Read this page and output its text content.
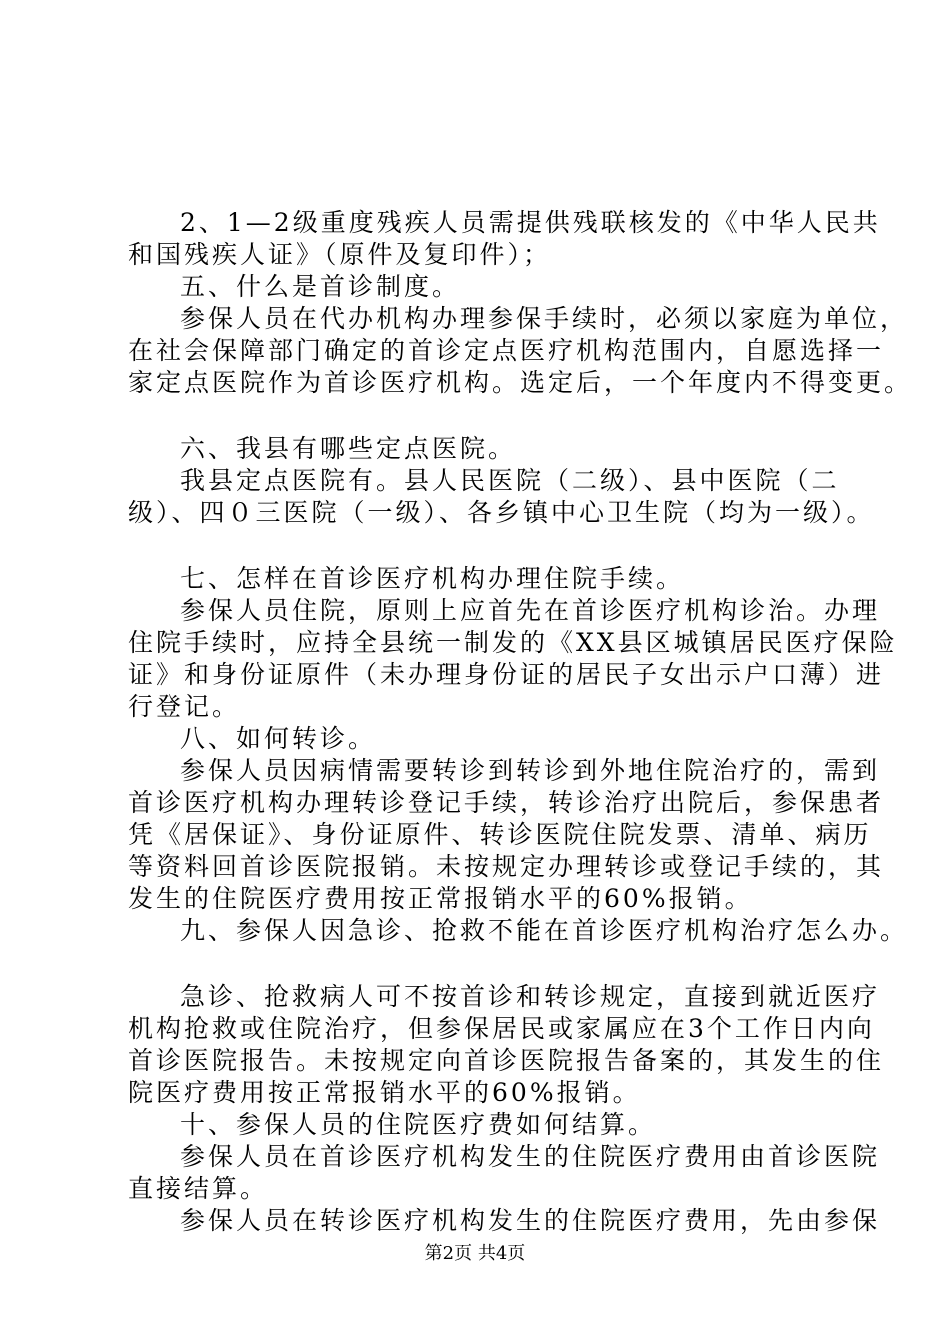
2、1—2级重度残疾人员需提供残联核发的《中华人民共
和国残疾人证》（原件及复印件）；
五、什么是首诊制度。
参保人员在代办机构办理参保手续时，必须以家庭为单位，
在社会保障部门确定的首诊定点医疗机构范围内，自愿选择一
家定点医院作为首诊医疗机构。选定后，一个年度内不得变更。
六、我县有哪些定点医院。
我县定点医院有。县人民医院（二级）、县中医院（二
级）、四０三医院（一级）、各乡镇中心卫生院（均为一级）。
七、怎样在首诊医疗机构办理住院手续。
参保人员住院，原则上应首先在首诊医疗机构诊治。办理
住院手续时，应持全县统一制发的《XX县区城镇居民医疗保险
证》和身份证原件（未办理身份证的居民子女出示户口薄）进
行登记。
八、如何转诊。
参保人员因病情需要转诊到转诊到外地住院治疗的，需到
首诊医疗机构办理转诊登记手续，转诊治疗出院后，参保患者
凭《居保证》、身份证原件、转诊医院住院发票、清单、病历
等资料回首诊医院报销。未按规定办理转诊或登记手续的，其
发生的住院医疗费用按正常报销水平的60%报销。
九、参保人因急诊、抢救不能在首诊医疗机构治疗怎么办。
急诊、抢救病人可不按首诊和转诊规定，直接到就近医疗
机构抢救或住院治疗，但参保居民或家属应在3个工作日内向
首诊医院报告。未按规定向首诊医院报告备案的，其发生的住
院医疗费用按正常报销水平的60%报销。
十、参保人员的住院医疗费如何结算。
参保人员在首诊医疗机构发生的住院医疗费用由首诊医院
直接结算。
参保人员在转诊医疗机构发生的住院医疗费用，先由参保
第2页 共4页
